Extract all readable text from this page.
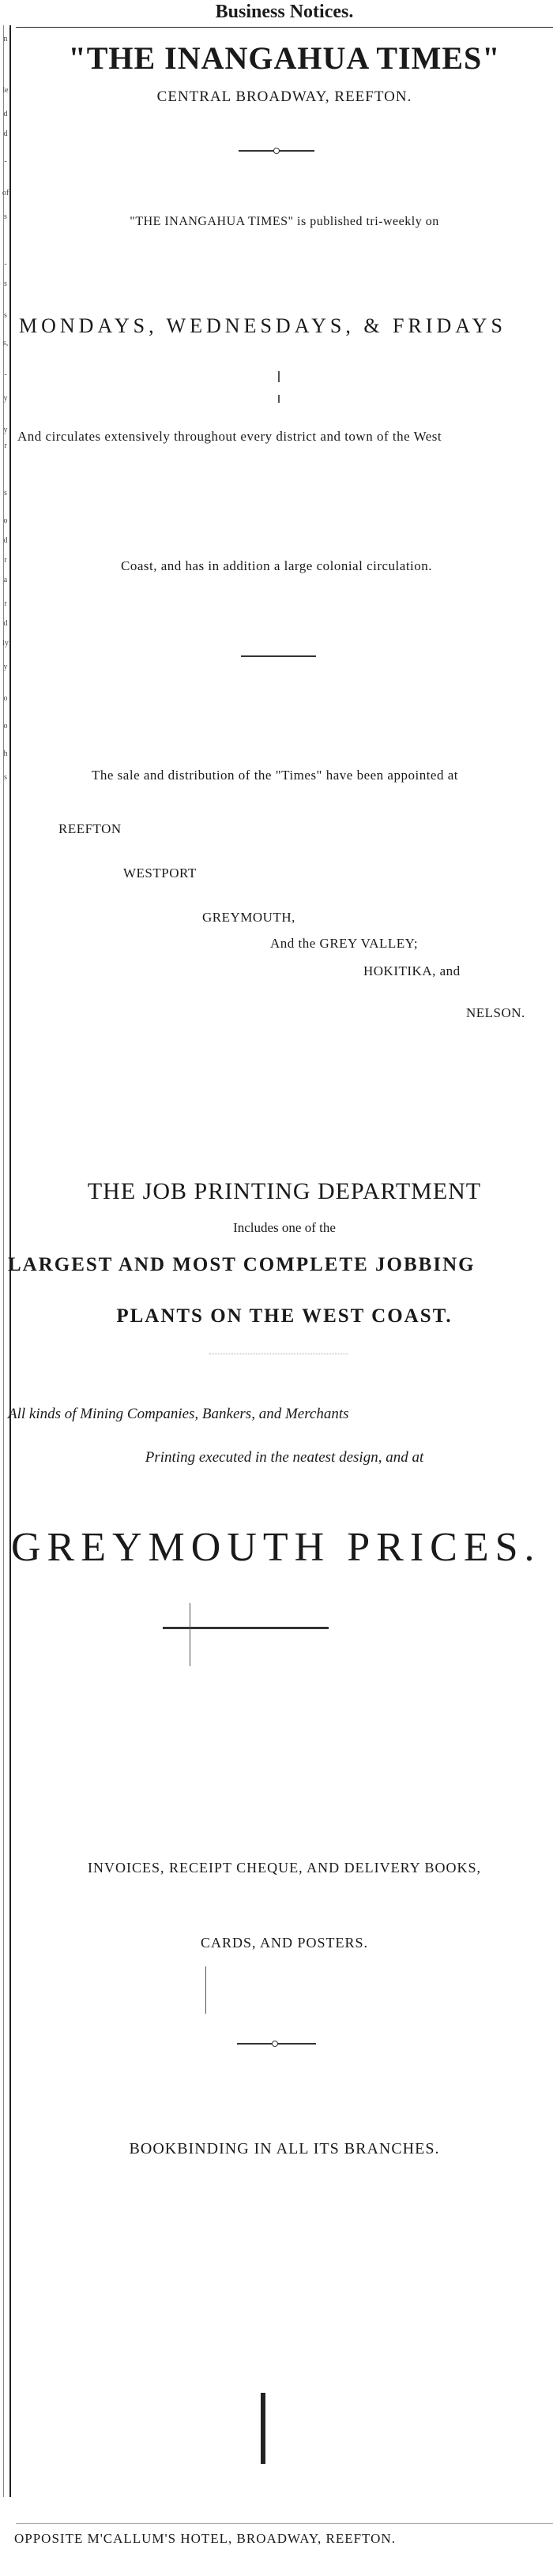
n
le
d
d
-
of
s
-
s
s
s,
-
y
y
r
s
o
d
r
a
r
d
ly
y
o
o
h
s
Business Notices.
"THE INANGAHUA TIMES"
CENTRAL BROADWAY, REEFTON.
"THE INANGAHUA TIMES" is published tri-weekly on
MONDAYS, WEDNESDAYS, & FRIDAYS
And circulates extensively throughout every district and town of the West
Coast, and has in addition a large colonial circulation.
The sale and distribution of the "Times" have been appointed at
REEFTON
WESTPORT
GREYMOUTH,
And the GREY VALLEY;
HOKITIKA, and
NELSON.
THE JOB PRINTING DEPARTMENT
Includes one of the
LARGEST AND MOST COMPLETE JOBBING
PLANTS ON THE WEST COAST.
All kinds of Mining Companies, Bankers, and Merchants
Printing executed in the neatest design, and at
GREYMOUTH PRICES.
INVOICES, RECEIPT CHEQUE, AND DELIVERY BOOKS,
CARDS, AND POSTERS.
BOOKBINDING IN ALL ITS BRANCHES.
OPPOSITE M'CALLUM'S HOTEL, BROADWAY, REEFTON.
